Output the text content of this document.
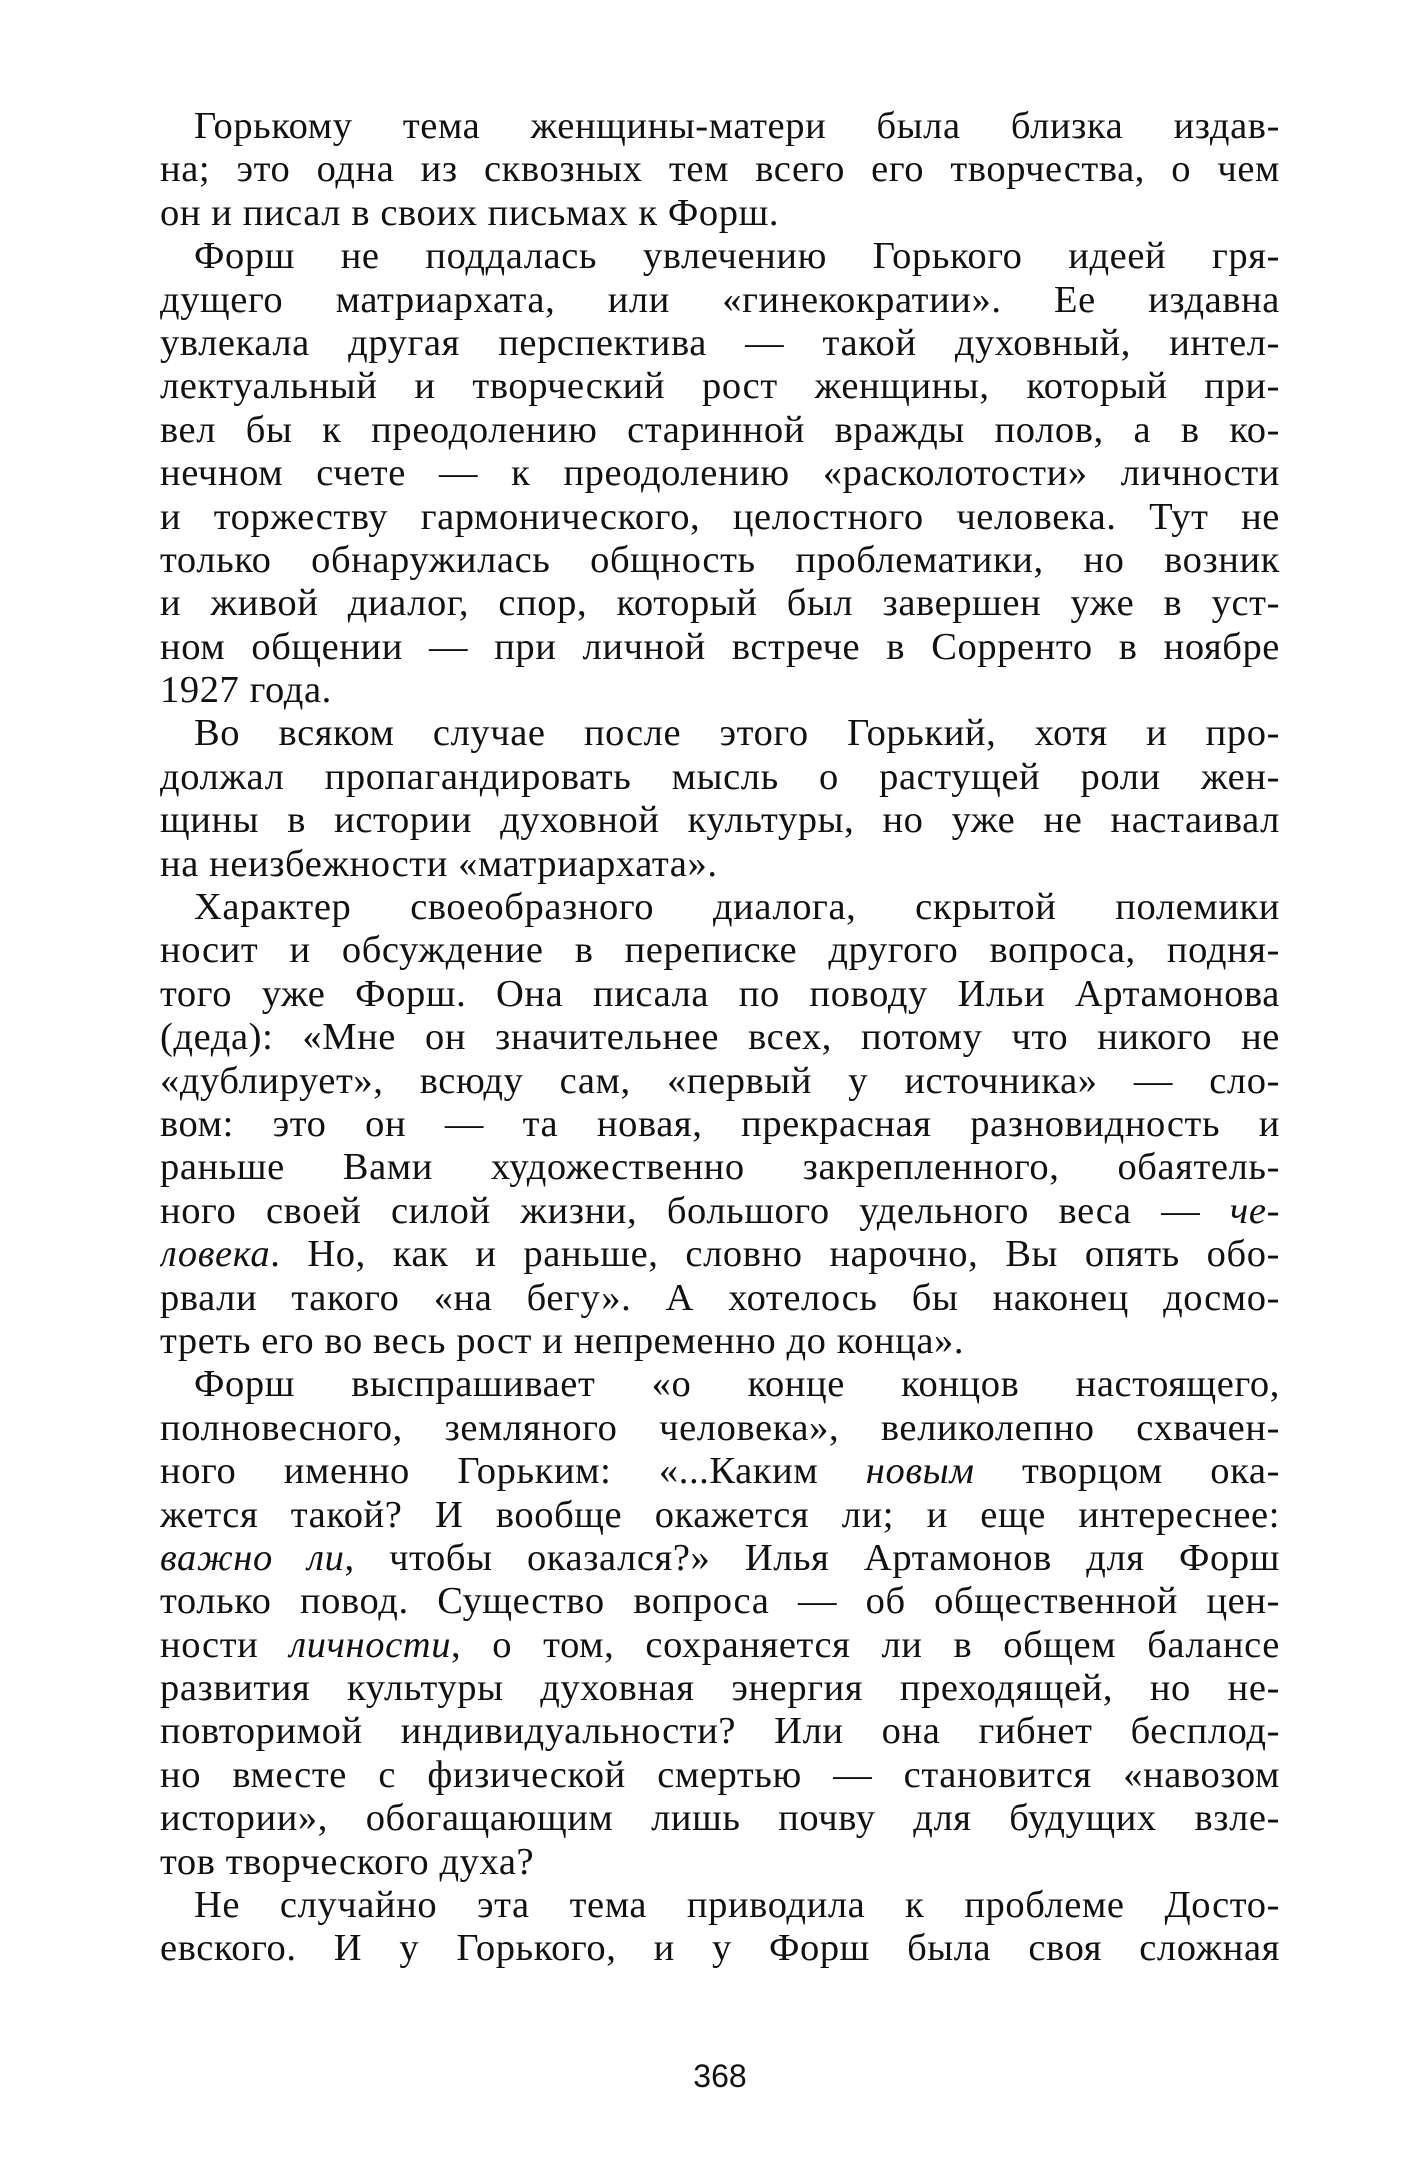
Горькому тема женщины-матери была близка издав-
на; это одна из сквозных тем всего его творчества, о чем
он и писал в своих письмах к Форш.
Форш не поддалась увлечению Горького идеей гря-
дущего матриархата, или «гинекократии». Ее издавна
увлекала другая перспектива — такой духовный, интел-
лектуальный и творческий рост женщины, который при-
вел бы к преодолению старинной вражды полов, а в ко-
нечном счете — к преодолению «расколотости» личности
и торжеству гармонического, целостного человека. Тут не
только обнаружилась общность проблематики, но возник
и живой диалог, спор, который был завершен уже в уст-
ном общении — при личной встрече в Сорренто в ноябре
1927 года.
Во всяком случае после этого Горький, хотя и про-
должал пропагандировать мысль о растущей роли жен-
щины в истории духовной культуры, но уже не настаивал
на неизбежности «матриархата».
Характер своеобразного диалога, скрытой полемики
носит и обсуждение в переписке другого вопроса, подня-
того уже Форш. Она писала по поводу Ильи Артамонова
(деда): «Мне он значительнее всех, потому что никого не
«дублирует», всюду сам, «первый у источника» — сло-
вом: это он — та новая, прекрасная разновидность и
раньше Вами художественно закрепленного, обаятель-
ного своей силой жизни, большого удельного веса — че-
ловека. Но, как и раньше, словно нарочно, Вы опять обо-
рвали такого «на бегу». А хотелось бы наконец досмо-
треть его во весь рост и непременно до конца».
Форш выспрашивает «о конце концов настоящего,
полновесного, земляного человека», великолепно схвачен-
ного именно Горьким: «...Каким новым творцом ока-
жется такой? И вообще окажется ли; и еще интереснее:
важно ли, чтобы оказался?» Илья Артамонов для Форш
только повод. Существо вопроса — об общественной цен-
ности личности, о том, сохраняется ли в общем балансе
развития культуры духовная энергия преходящей, но не-
повторимой индивидуальности? Или она гибнет бесплод-
но вместе с физической смертью — становится «навозом
истории», обогащающим лишь почву для будущих взле-
тов творческого духа?
Не случайно эта тема приводила к проблеме Досто-
евского. И у Горького, и у Форш была своя сложная
368
